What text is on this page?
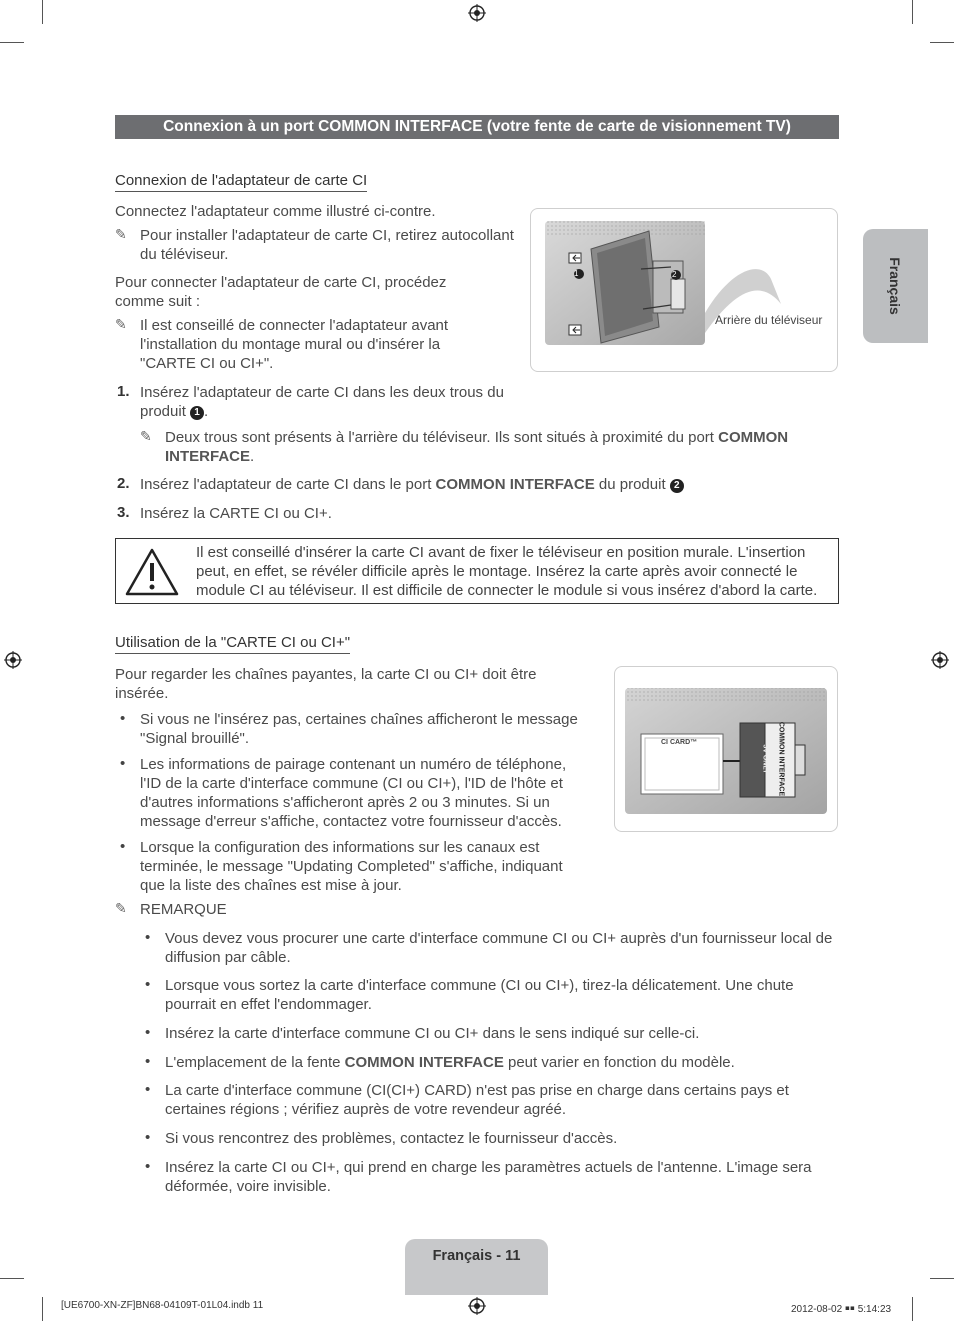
Connexion à un port COMMON INTERFACE (votre fente de carte de visionnement TV)
Français
Connexion de l'adaptateur de carte CI
Connectez l'adaptateur comme illustré ci-contre.
✎ Pour installer l'adaptateur de carte CI, retirez autocollant du téléviseur.
Pour connecter l'adaptateur de carte CI, procédez comme suit :
✎ Il est conseillé de connecter l'adaptateur avant l'installation du montage mural ou d'insérer la "CARTE CI ou CI+".
1. Insérez l'adaptateur de carte CI dans les deux trous du produit 1 .
✎ Deux trous sont présents à l'arrière du téléviseur. Ils sont situés à proximité du port COMMON INTERFACE.
2. Insérez l'adaptateur de carte CI dans le port COMMON INTERFACE du produit 2
3. Insérez la CARTE CI ou CI+.
1	2
Arrière du téléviseur
Il est conseillé d'insérer la carte CI avant de fixer le téléviseur en position murale. L'insertion peut, en effet, se révéler difficile après le montage. Insérez la carte après avoir connecté le module CI au téléviseur. Il est difficile de connecter le module si vous insérez d'abord la carte.
Utilisation de la "CARTE CI ou CI+"
Pour regarder les chaînes payantes, la carte CI ou CI+ doit être insérée.
• Si vous ne l'insérez pas, certaines chaînes afficheront le message "Signal brouillé".
• Les informations de pairage contenant un numéro de téléphone, l'ID de la carte d'interface commune (CI ou CI+), l'ID de l'hôte et d'autres informations s'afficheront après 2 ou 3 minutes. Si un message d'erreur s'affiche, contactez votre fournisseur d'accès.
• Lorsque la configuration des informations sur les canaux est terminée, le message "Updating Completed" s'affiche, indiquant que la liste des chaînes est mise à jour.
✎ REMARQUE
• Vous devez vous procurer une carte d'interface commune CI ou CI+ auprès d'un fournisseur local de diffusion par câble.
• Lorsque vous sortez la carte d'interface commune (CI ou CI+), tirez-la délicatement. Une chute pourrait en effet l'endommager.
• Insérez la carte d'interface commune CI ou CI+ dans le sens indiqué sur celle-ci.
• L'emplacement de la fente COMMON INTERFACE peut varier en fonction du modèle.
• La carte d'interface commune (CI(CI+) CARD) n'est pas prise en charge dans certains pays et certaines régions ; vérifiez auprès de votre revendeur agréé.
• Si vous rencontrez des problèmes, contactez le fournisseur d'accès.
• Insérez la carte CI ou CI+, qui prend en charge les paramètres actuels de l'antenne. L'image sera déformée, voire invisible.
CI CARD™	COMMON INTERFACE
5V ONLY
Français - 11
[UE6700-XN-ZF]BN68-04109T-01L04.indb 11	2012-08-02 ￭￭ 5:14:23
